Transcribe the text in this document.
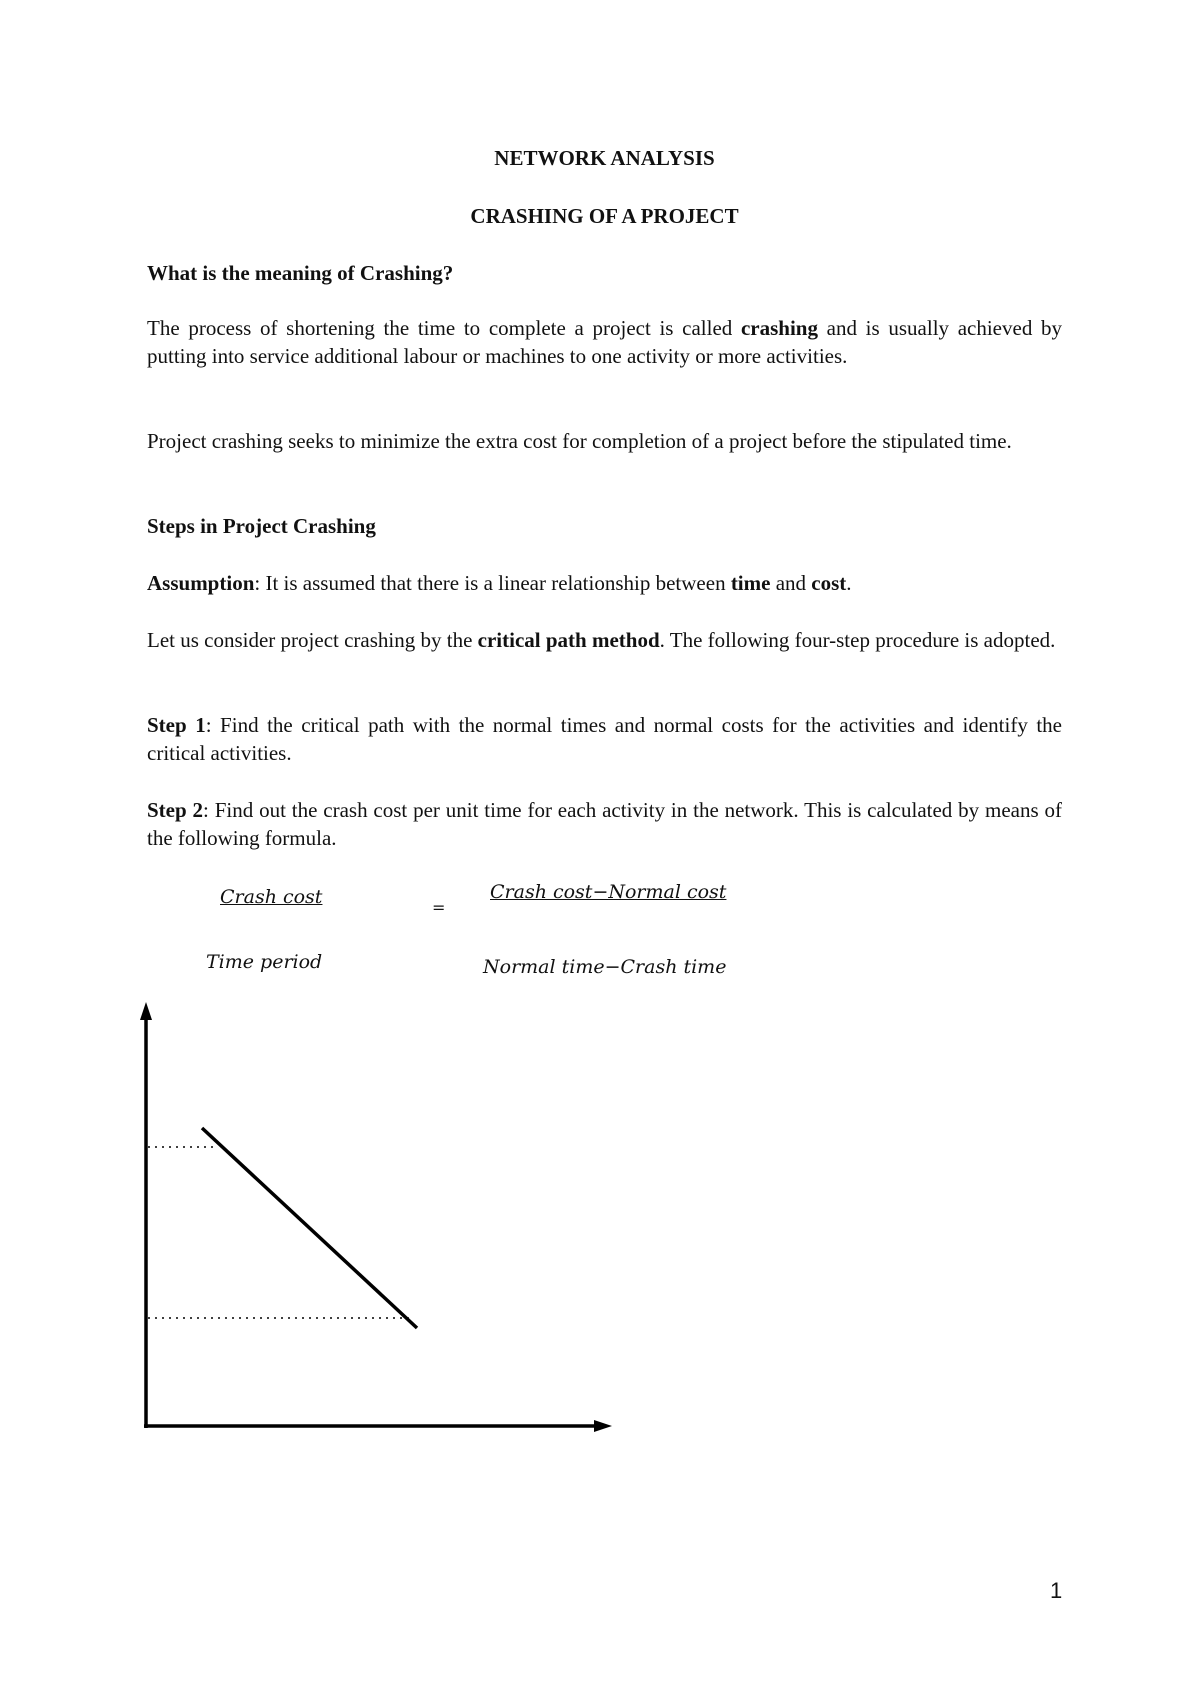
NETWORK ANALYSIS
CRASHING OF A PROJECT
What is the meaning of Crashing?
The process of shortening the time to complete a project is called crashing and is usually achieved by putting into service additional labour or machines to one activity or more activities.
Project crashing seeks to minimize the extra cost for completion of a project before the stipulated time.
Steps in Project Crashing
Assumption: It is assumed that there is a linear relationship between time and cost.
Let us consider project crashing by the critical path method. The following four-step procedure is adopted.
Step 1: Find the critical path with the normal times and normal costs for the activities and identify the critical activities.
Step 2: Find out the crash cost per unit time for each activity in the network. This is calculated by means of the following formula.
Crash cost
Time period
=
Crash cost−Normal cost
Normal time−Crash time
1
